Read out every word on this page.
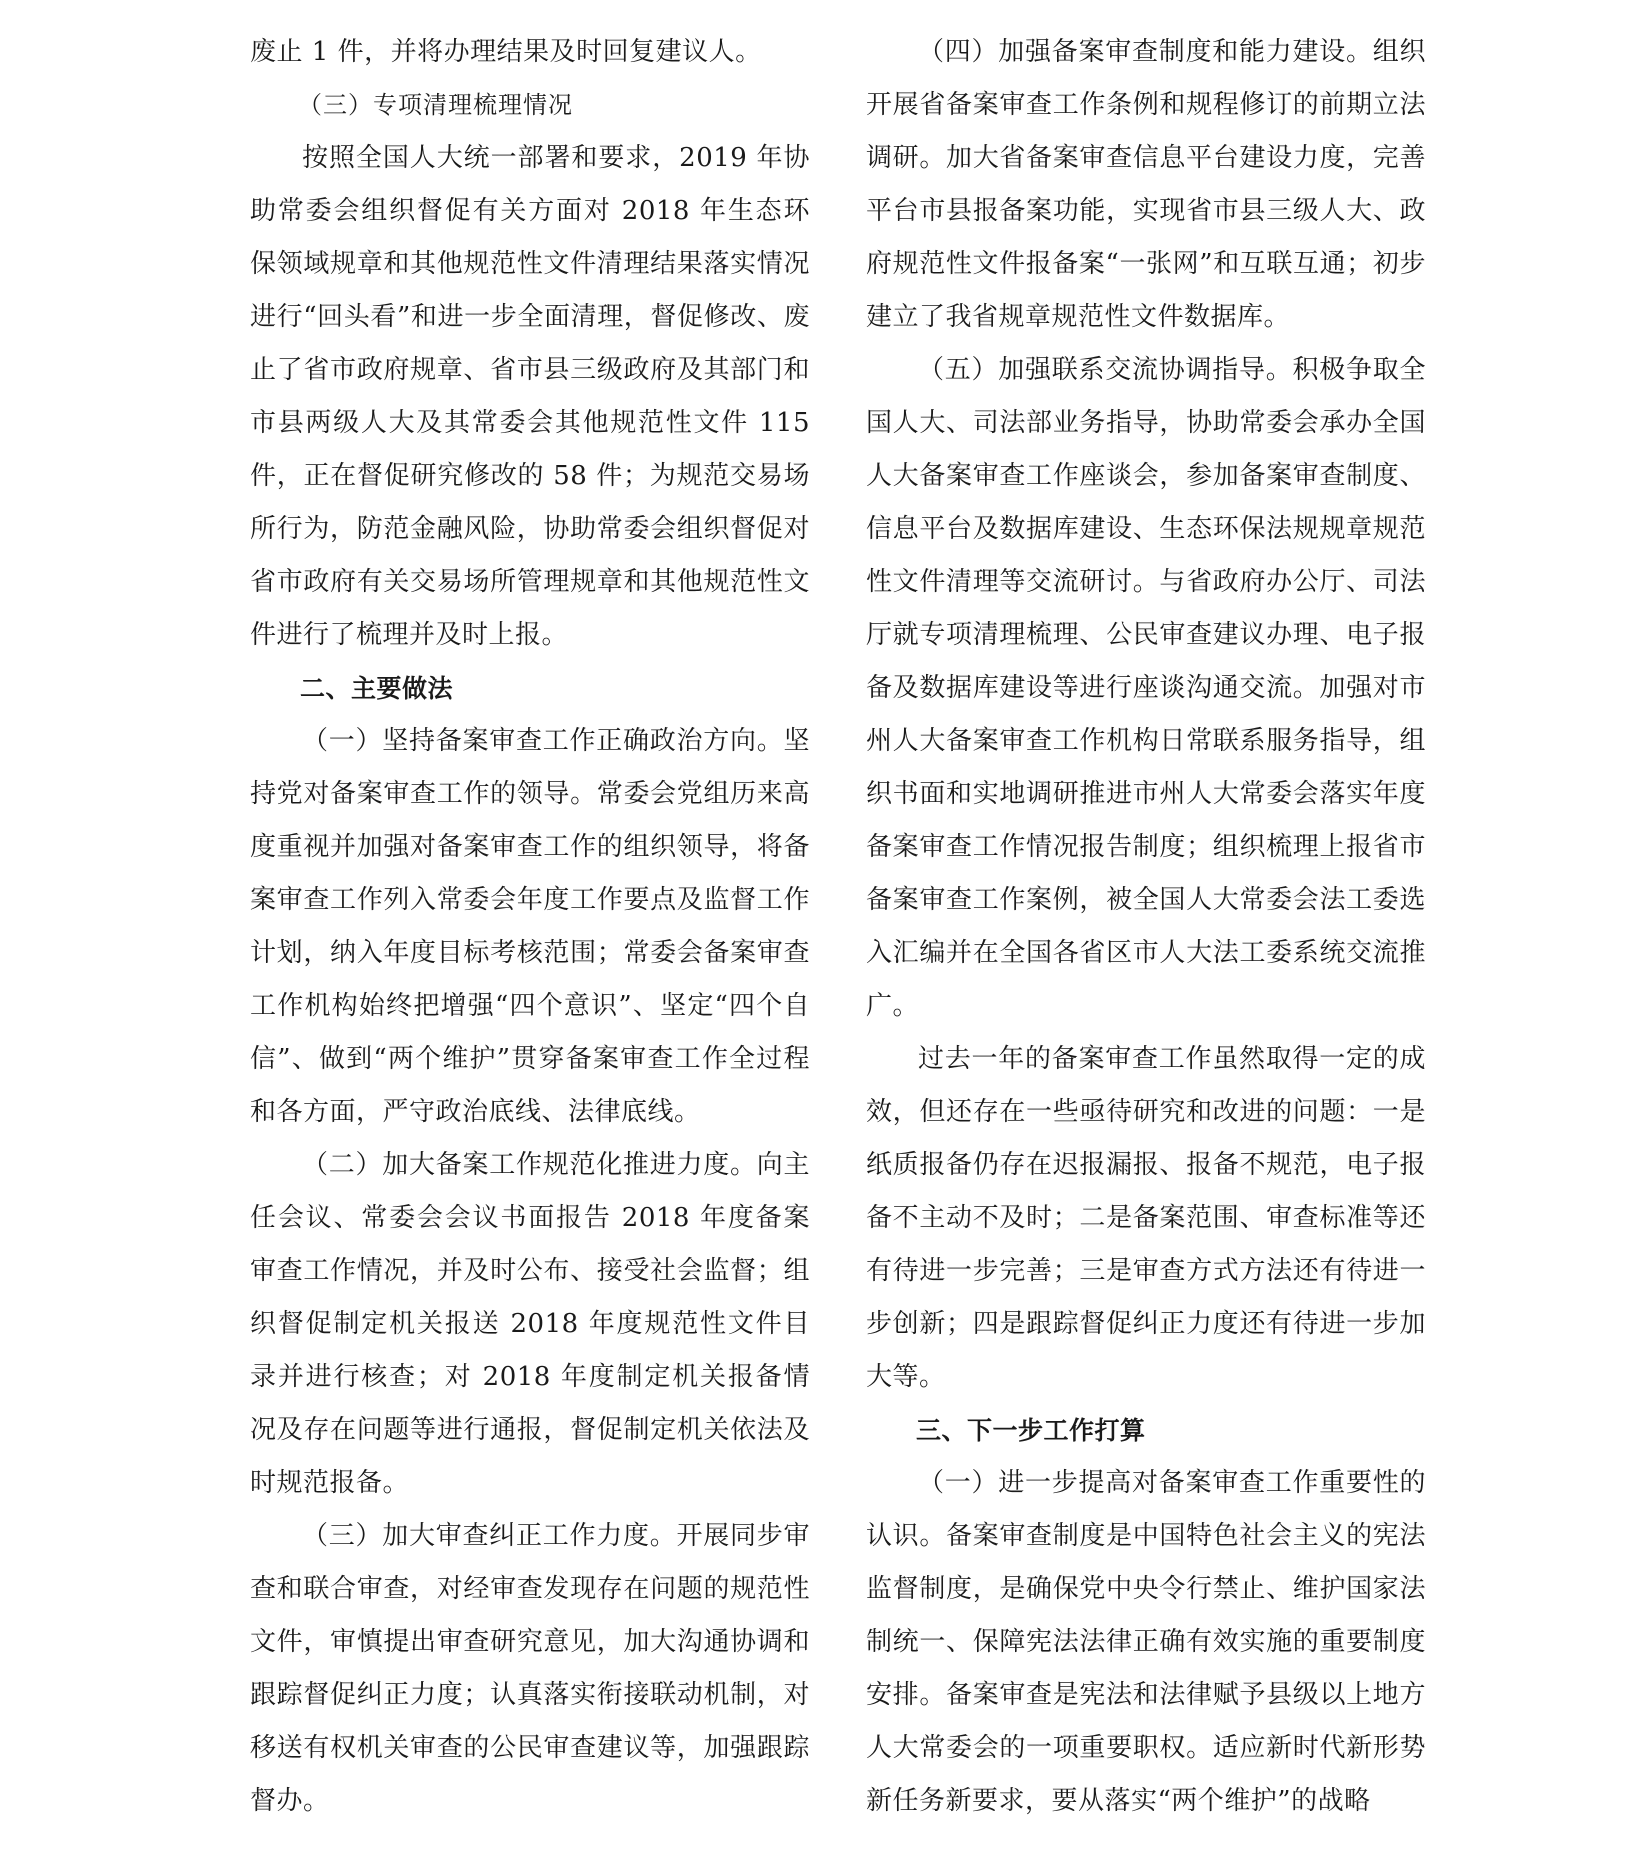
废止 1 件，并将办理结果及时回复建议人。

（三）专项清理梳理情况

按照全国人大统一部署和要求，2019 年协助常委会组织督促有关方面对 2018 年生态环保领域规章和其他规范性文件清理结果落实情况进行“回头看”和进一步全面清理，督促修改、废止了省市政府规章、省市县三级政府及其部门和市县两级人大及其常委会其他规范性文件 115 件，正在督促研究修改的 58 件；为规范交易场所行为，防范金融风险，协助常委会组织督促对省市政府有关交易场所管理规章和其他规范性文件进行了梳理并及时上报。

二、主要做法

（一）坚持备案审查工作正确政治方向。坚持党对备案审查工作的领导。常委会党组历来高度重视并加强对备案审查工作的组织领导，将备案审查工作列入常委会年度工作要点及监督工作计划，纳入年度目标考核范围；常委会备案审查工作机构始终把增强“四个意识”、坚定“四个自信”、做到“两个维护”贯穿备案审查工作全过程和各方面，严守政治底线、法律底线。

（二）加大备案工作规范化推进力度。向主任会议、常委会会议书面报告 2018 年度备案审查工作情况，并及时公布、接受社会监督；组织督促制定机关报送 2018 年度规范性文件目录并进行核查；对 2018 年度制定机关报备情况及存在问题等进行通报，督促制定机关依法及时规范报备。

（三）加大审查纠正工作力度。开展同步审查和联合审查，对经审查发现存在问题的规范性文件，审慎提出审查研究意见，加大沟通协调和跟踪督促纠正力度；认真落实衔接联动机制，对移送有权机关审查的公民审查建议等，加强跟踪督办。

（四）加强备案审查制度和能力建设。组织开展省备案审查工作条例和规程修订的前期立法调研。加大省备案审查信息平台建设力度，完善平台市县报备案功能，实现省市县三级人大、政府规范性文件报备案“一张网”和互联互通；初步建立了我省规章规范性文件数据库。

（五）加强联系交流协调指导。积极争取全国人大、司法部业务指导，协助常委会承办全国人大备案审查工作座谈会，参加备案审查制度、信息平台及数据库建设、生态环保法规规章规范性文件清理等交流研讨。与省政府办公厅、司法厅就专项清理梳理、公民审查建议办理、电子报备及数据库建设等进行座谈沟通交流。加强对市州人大备案审查工作机构日常联系服务指导，组织书面和实地调研推进市州人大常委会落实年度备案审查工作情况报告制度；组织梳理上报省市备案审查工作案例，被全国人大常委会法工委选入汇编并在全国各省区市人大法工委系统交流推广。

过去一年的备案审查工作虽然取得一定的成效，但还存在一些亟待研究和改进的问题：一是纸质报备仍存在迟报漏报、报备不规范，电子报备不主动不及时；二是备案范围、审查标准等还有待进一步完善；三是审查方式方法还有待进一步创新；四是跟踪督促纠正力度还有待进一步加大等。

三、下一步工作打算

（一）进一步提高对备案审查工作重要性的认识。备案审查制度是中国特色社会主义的宪法监督制度，是确保党中央令行禁止、维护国家法制统一、保障宪法法律正确有效实施的重要制度安排。备案审查是宪法和法律赋予县级以上地方人大常委会的一项重要职权。适应新时代新形势新任务新要求，要从落实“两个维护”的战略
